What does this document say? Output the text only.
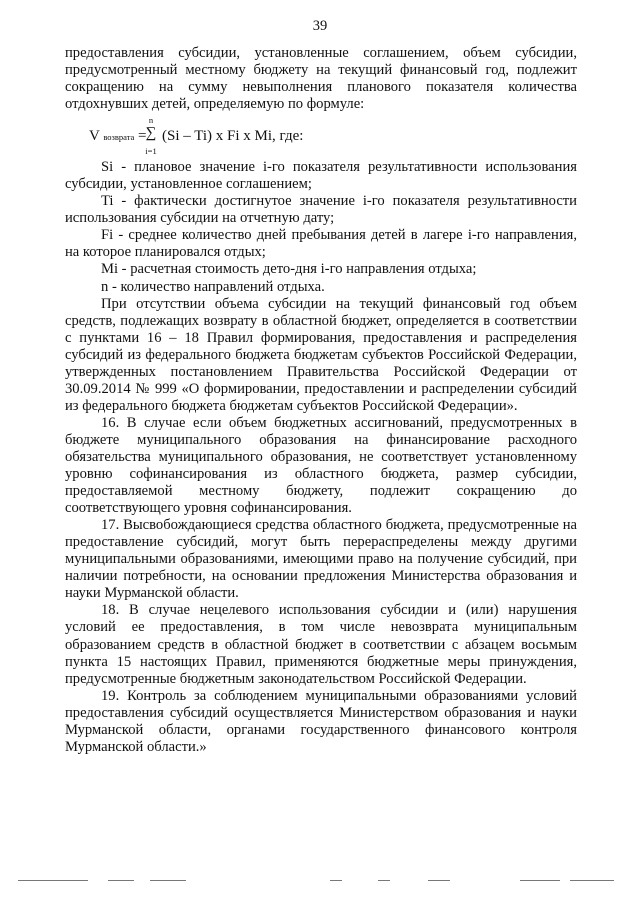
39

предоставления субсидии, установленные соглашением, объем субсидии, предусмотренный местному бюджету на текущий финансовый год, подлежит сокращению на сумму невыполнения планового показателя количества отдохнувших детей, определяемую по формуле:

V возврата =
n
∑
i=1
(Si – Ti) x Fi x Mi, где:

Si - плановое значение i-го показателя результативности использования субсидии, установленное соглашением;

Ti - фактически достигнутое значение i-го показателя результативности использования субсидии на отчетную дату;

Fi - среднее количество дней пребывания детей в лагере i-го направления, на которое планировался отдых;

Mi - расчетная стоимость дето-дня i-го направления отдыха;

n - количество направлений отдыха.

При отсутствии объема субсидии на текущий финансовый год объем средств, подлежащих возврату в областной бюджет, определяется в соответствии с пунктами 16 – 18 Правил формирования, предоставления и распределения субсидий из федерального бюджета бюджетам субъектов Российской Федерации, утвержденных постановлением Правительства Российской Федерации от 30.09.2014 № 999 «О формировании, предоставлении и распределении субсидий из федерального бюджета бюджетам субъектов Российской Федерации».

16. В случае если объем бюджетных ассигнований, предусмотренных в бюджете муниципального образования на финансирование расходного обязательства муниципального образования, не соответствует установленному уровню софинансирования из областного бюджета, размер субсидии, предоставляемой местному бюджету, подлежит сокращению до соответствующего уровня софинансирования.

17. Высвобождающиеся средства областного бюджета, предусмотренные на предоставление субсидий, могут быть перераспределены между другими муниципальными образованиями, имеющими право на получение субсидий, при наличии потребности, на основании предложения Министерства образования и науки Мурманской области.

18. В случае нецелевого использования субсидии и (или) нарушения условий ее предоставления, в том числе невозврата муниципальным образованием средств в областной бюджет в соответствии с абзацем восьмым пункта 15 настоящих Правил, применяются бюджетные меры принуждения, предусмотренные бюджетным законодательством Российской Федерации.

19. Контроль за соблюдением муниципальными образованиями условий предоставления субсидий осуществляется Министерством образования и науки Мурманской области, органами государственного финансового контроля Мурманской области.»
